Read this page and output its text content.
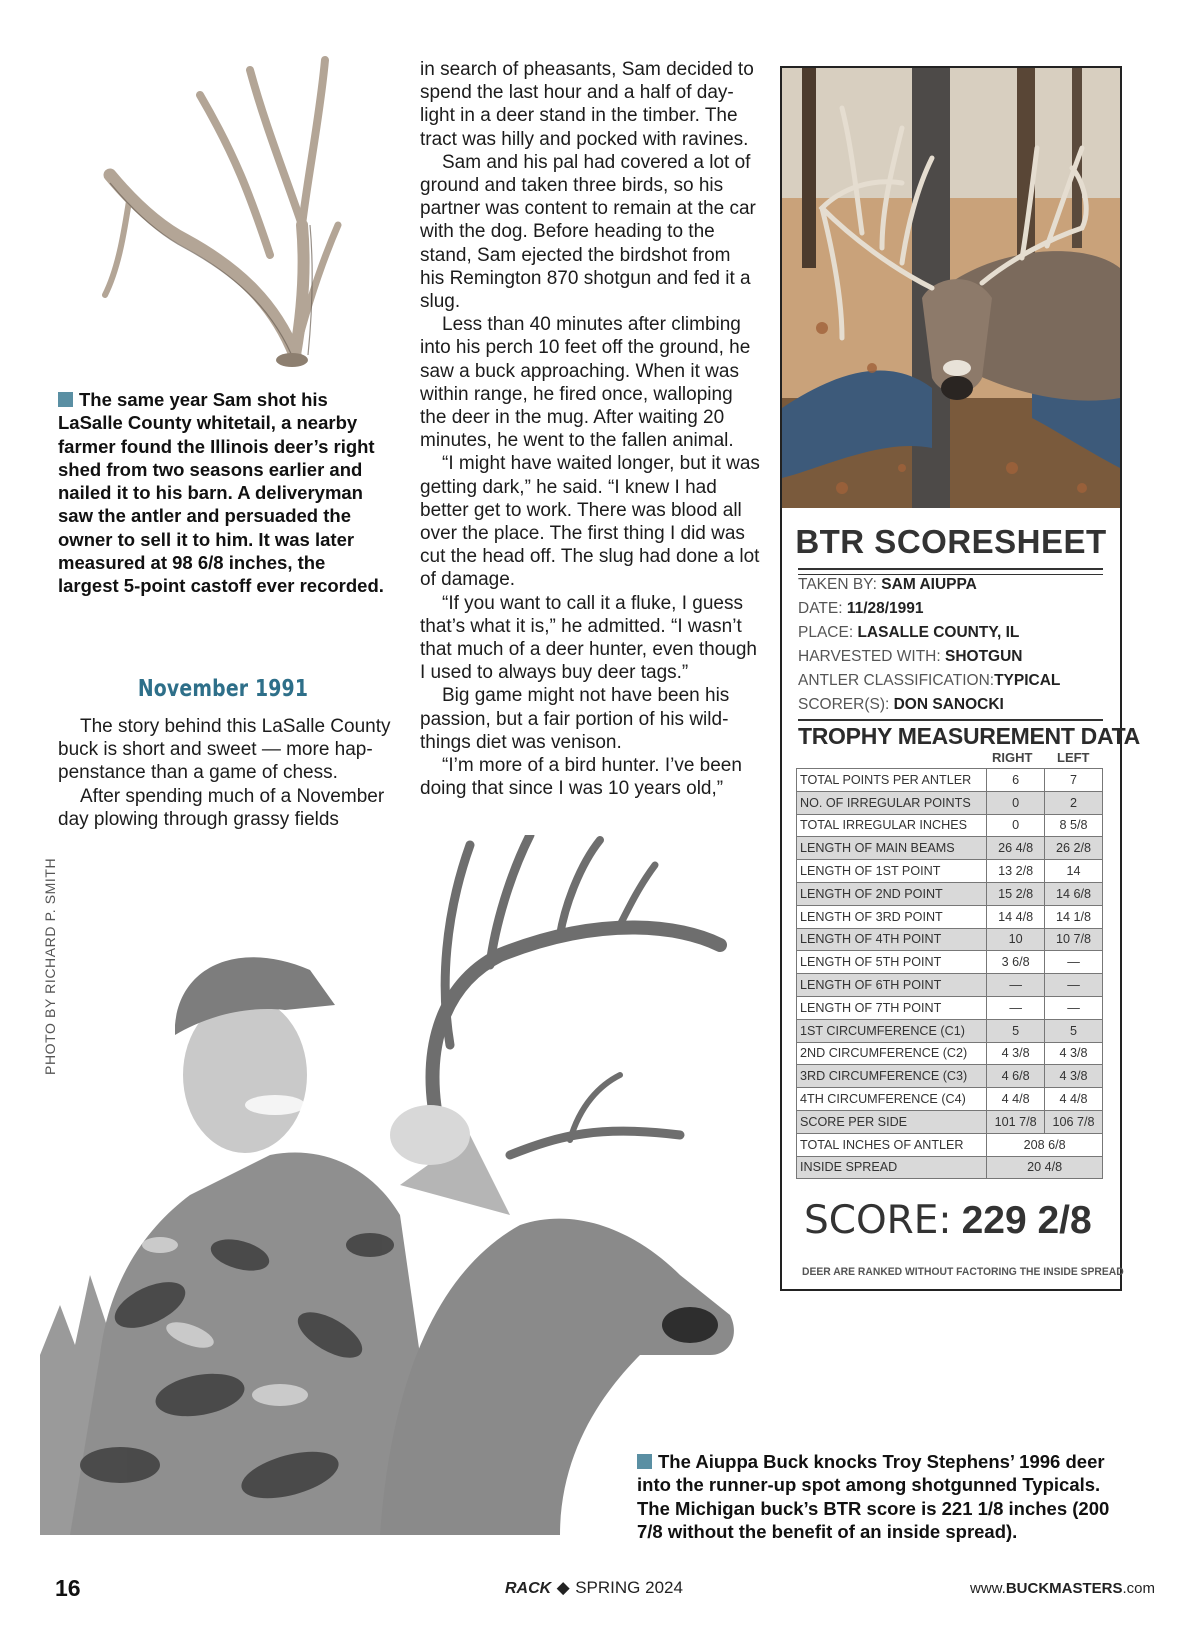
The same year Sam shot his LaSalle County whitetail, a nearby farmer found the Illinois deer’s right shed from two seasons earlier and nailed it to his barn. A deliveryman saw the antler and persuaded the owner to sell it to him. It was later measured at 98 6/8 inches, the largest 5-point castoff ever recorded.
November 1991

The story behind this LaSalle County buck is short and sweet — more happenstance than a game of chess.

After spending much of a November day plowing through grassy fields

in search of pheasants, Sam decided to spend the last hour and a half of daylight in a deer stand in the timber. The tract was hilly and pocked with ravines.

Sam and his pal had covered a lot of ground and taken three birds, so his partner was content to remain at the car with the dog. Before heading to the stand, Sam ejected the birdshot from his Remington 870 shotgun and fed it a slug.

Less than 40 minutes after climbing into his perch 10 feet off the ground, he saw a buck approaching. When it was within range, he fired once, walloping the deer in the mug. After waiting 20 minutes, he went to the fallen animal.

“I might have waited longer, but it was getting dark,” he said. “I knew I had better get to work. There was blood all over the place. The first thing I did was cut the head off. The slug had done a lot of damage.

“If you want to call it a fluke, I guess that’s what it is,” he admitted. “I wasn’t that much of a deer hunter, even though I used to always buy deer tags.”

Big game might not have been his passion, but a fair portion of his wildthings diet was venison.

“I’m more of a bird hunter. I’ve been doing that since I was 10 years old,”

PHOTO BY RICHARD P. SMITH
The Aiuppa Buck knocks Troy Stephens’ 1996 deer into the runner-up spot among shotgunned Typicals. The Michigan buck’s BTR score is 221 1/8 inches (200 7/8 without the benefit of an inside spread).
BTR SCORESHEET
TAKEN BY: SAM AIUPPA
DATE: 11/28/1991
PLACE: LASALLE COUNTY, IL
HARVESTED WITH: SHOTGUN
ANTLER CLASSIFICATION:TYPICAL
SCORER(S): DON SANOCKI
TROPHY MEASUREMENT DATA
RIGHT LEFT
TOTAL POINTS PER ANTLER	6	7
NO. OF IRREGULAR POINTS	0	2
TOTAL IRREGULAR INCHES	0	8 5/8
LENGTH OF MAIN BEAMS	26 4/8	26 2/8
LENGTH OF 1ST POINT	13 2/8	14
LENGTH OF 2ND POINT	15 2/8	14 6/8
LENGTH OF 3RD POINT	14 4/8	14 1/8
LENGTH OF 4TH POINT	10	10 7/8
LENGTH OF 5TH POINT	3 6/8	—
LENGTH OF 6TH POINT	—	—
LENGTH OF 7TH POINT	—	—
1ST CIRCUMFERENCE (C1)	5	5
2ND CIRCUMFERENCE (C2)	4 3/8	4 3/8
3RD CIRCUMFERENCE (C3)	4 6/8	4 3/8
4TH CIRCUMFERENCE (C4)	4 4/8	4 4/8
SCORE PER SIDE	101 7/8	106 7/8
TOTAL INCHES OF ANTLER	208 6/8	
INSIDE SPREAD	20 4/8	
SCORE: 229 2/8
DEER ARE RANKED WITHOUT FACTORING THE INSIDE SPREAD
16	RACK ◆ SPRING 2024	www.BUCKMASTERS.com
